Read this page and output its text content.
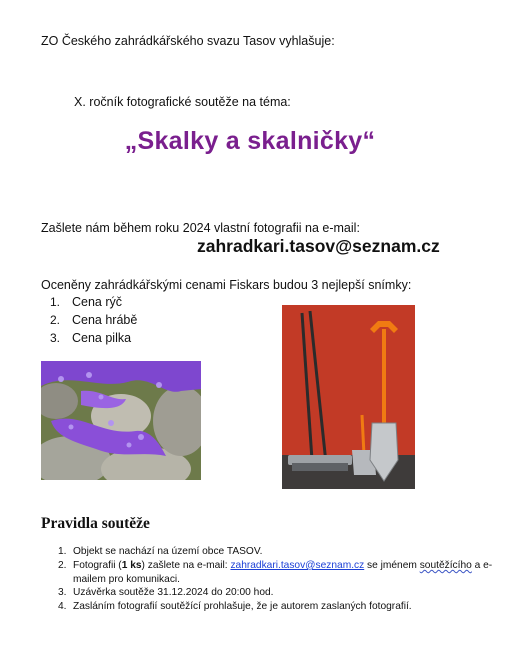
ZO Českého zahrádkářského svazu Tasov vyhlašuje:
X. ročník fotografické soutěže na téma:
„Skalky a skalničky“
Zašlete nám během roku 2024 vlastní fotografii na e-mail:
zahradkari.tasov@seznam.cz
Oceněny zahrádkářskými cenami Fiskars budou 3 nejlepší snímky:
1. Cena rýč
2. Cena hrábě
3. Cena pilka
Pravidla soutěže
1. Objekt se nachází na území obce TASOV.
2. Fotografii (1 ks) zašlete na e-mail: zahradkari.tasov@seznam.cz se jménem soutěžícího a e-mailem pro komunikaci.
3. Uzávěrka soutěže 31.12.2024 do 20:00 hod.
4. Zasláním fotografií soutěžící prohlašuje, že je autorem zaslaných fotografií.
